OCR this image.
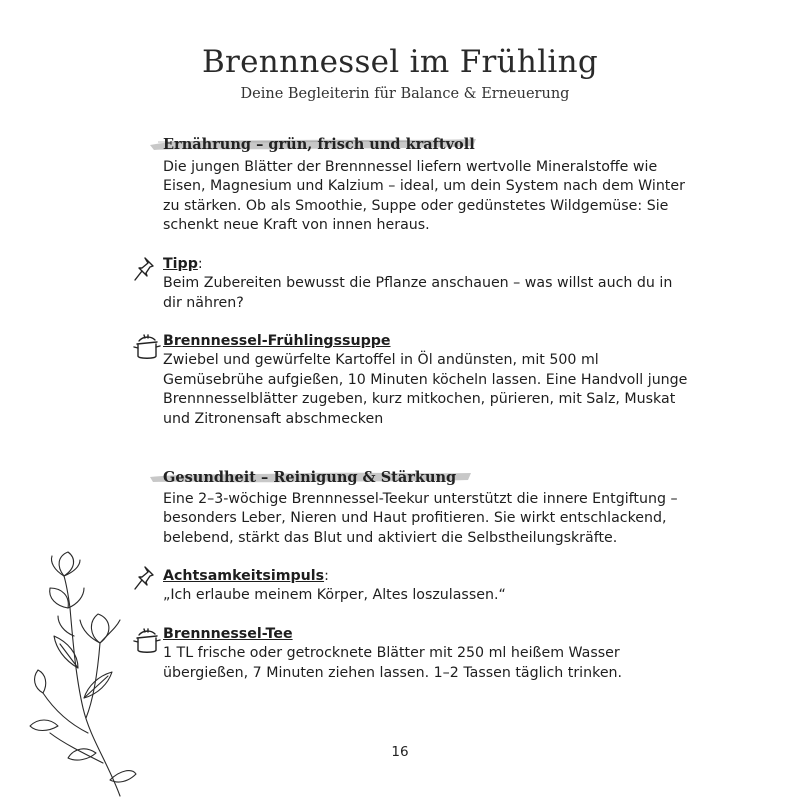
Brennnessel im Frühling
Deine Begleiterin für Balance & Erneuerung
Ernährung – grün, frisch und kraftvoll
Die jungen Blätter der Brennnessel liefern wertvolle Mineralstoffe wie Eisen, Magnesium und Kalzium – ideal, um dein System nach dem Winter zu stärken. Ob als Smoothie, Suppe oder gedünstetes Wildgemüse: Sie schenkt neue Kraft von innen heraus.
Tipp:
Beim Zubereiten bewusst die Pflanze anschauen – was willst auch du in dir nähren?
Brennnessel-Frühlingssuppe
Zwiebel und gewürfelte Kartoffel in Öl andünsten, mit 500 ml Gemüsebrühe aufgießen, 10 Minuten köcheln lassen. Eine Handvoll junge Brennnesselblätter zugeben, kurz mitkochen, pürieren, mit Salz, Muskat und Zitronensaft abschmecken
Gesundheit – Reinigung & Stärkung
Eine 2–3-wöchige Brennnessel-Teekur unterstützt die innere Entgiftung – besonders Leber, Nieren und Haut profitieren. Sie wirkt entschlackend, belebend, stärkt das Blut und aktiviert die Selbstheilungskräfte.
Achtsamkeitsimpuls:
„Ich erlaube meinem Körper, Altes loszulassen.“
Brennnessel-Tee
1 TL frische oder getrocknete Blätter mit 250 ml heißem Wasser übergießen, 7 Minuten ziehen lassen. 1–2 Tassen täglich trinken.
16
